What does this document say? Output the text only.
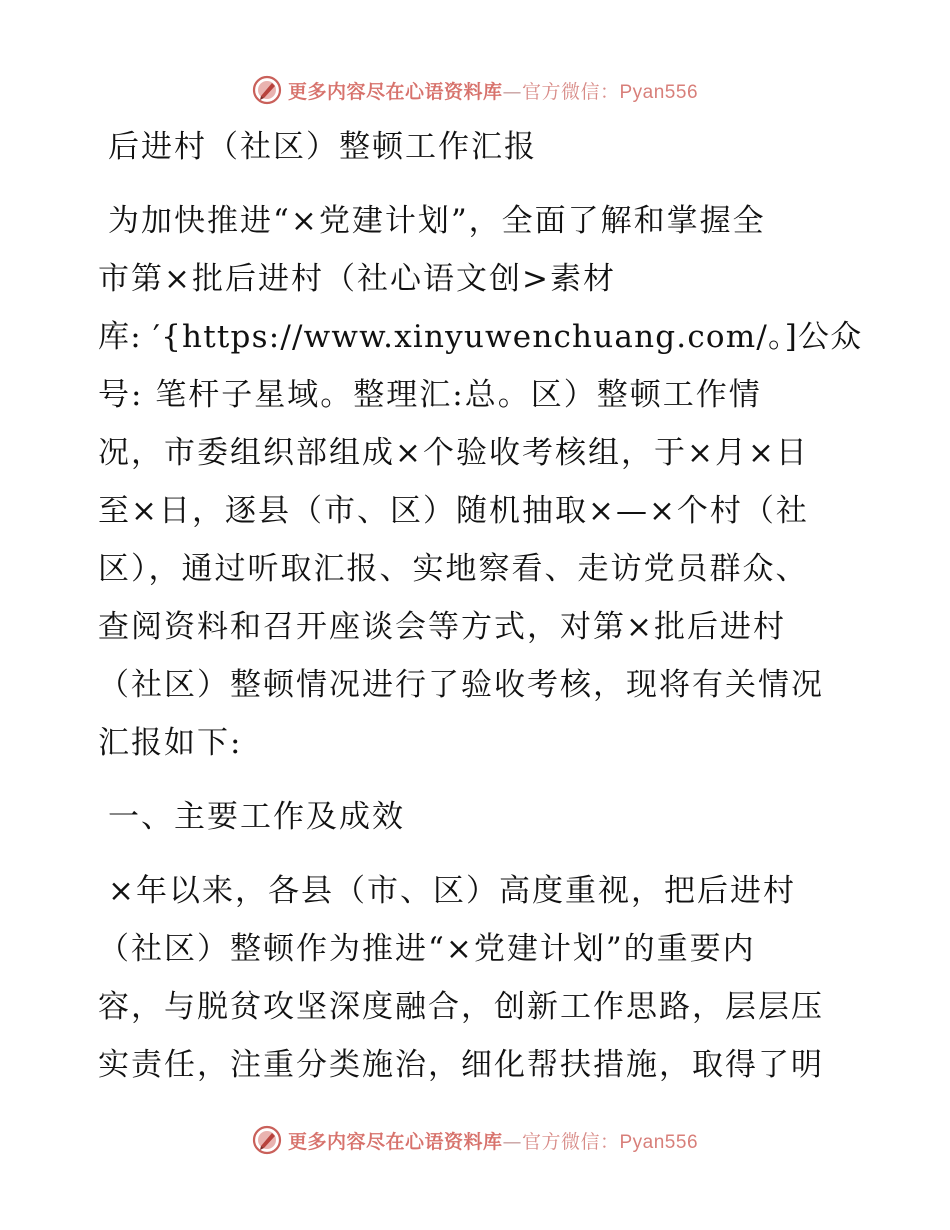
更多内容尽在心语资料库—官方微信：Pyan556
后进村（社区）整顿工作汇报
为加快推进“×党建计划”，全面了解和掌握全
市第×批后进村（社心语文创>素材
库: ′{https://www.xinyuwenchuang.com/。]公众
号: 笔杆子星域。整理汇:总。区）整顿工作情
况，市委组织部组成×个验收考核组，于×月×日
至×日，逐县（市、区）随机抽取×—×个村（社
区），通过听取汇报、实地察看、走访党员群众、
查阅资料和召开座谈会等方式，对第×批后进村
（社区）整顿情况进行了验收考核，现将有关情况
汇报如下:
一、主要工作及成效
×年以来，各县（市、区）高度重视，把后进村
（社区）整顿作为推进“×党建计划”的重要内
容，与脱贫攻坚深度融合，创新工作思路，层层压
实责任，注重分类施治，细化帮扶措施，取得了明
更多内容尽在心语资料库—官方微信：Pyan556
